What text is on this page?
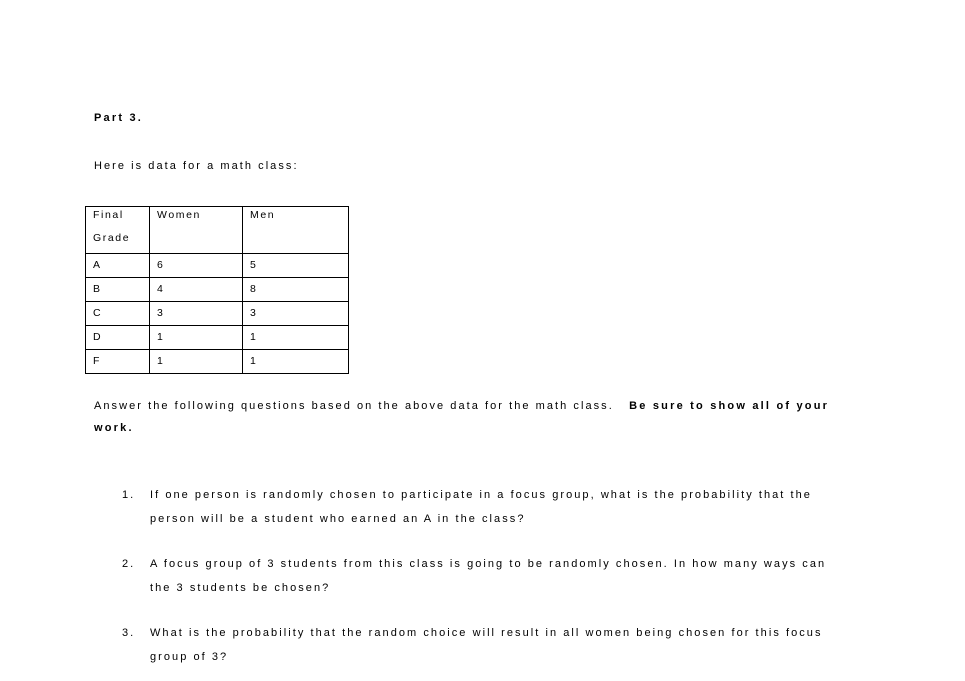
Part 3.
Here is data for a math class:
Final
Grade	Women	Men

A	6	5
B	4	8
C	3	3
D	1	1
F	1	1
Answer the following questions based on the above data for the math class. Be sure to show all of your work.
1.	If one person is randomly chosen to participate in a focus group, what is the probability that the person will be a student who earned an A in the class?
2.	A focus group of 3 students from this class is going to be randomly chosen. In how many ways can the 3 students be chosen?
3.	What is the probability that the random choice will result in all women being chosen for this focus group of 3?
